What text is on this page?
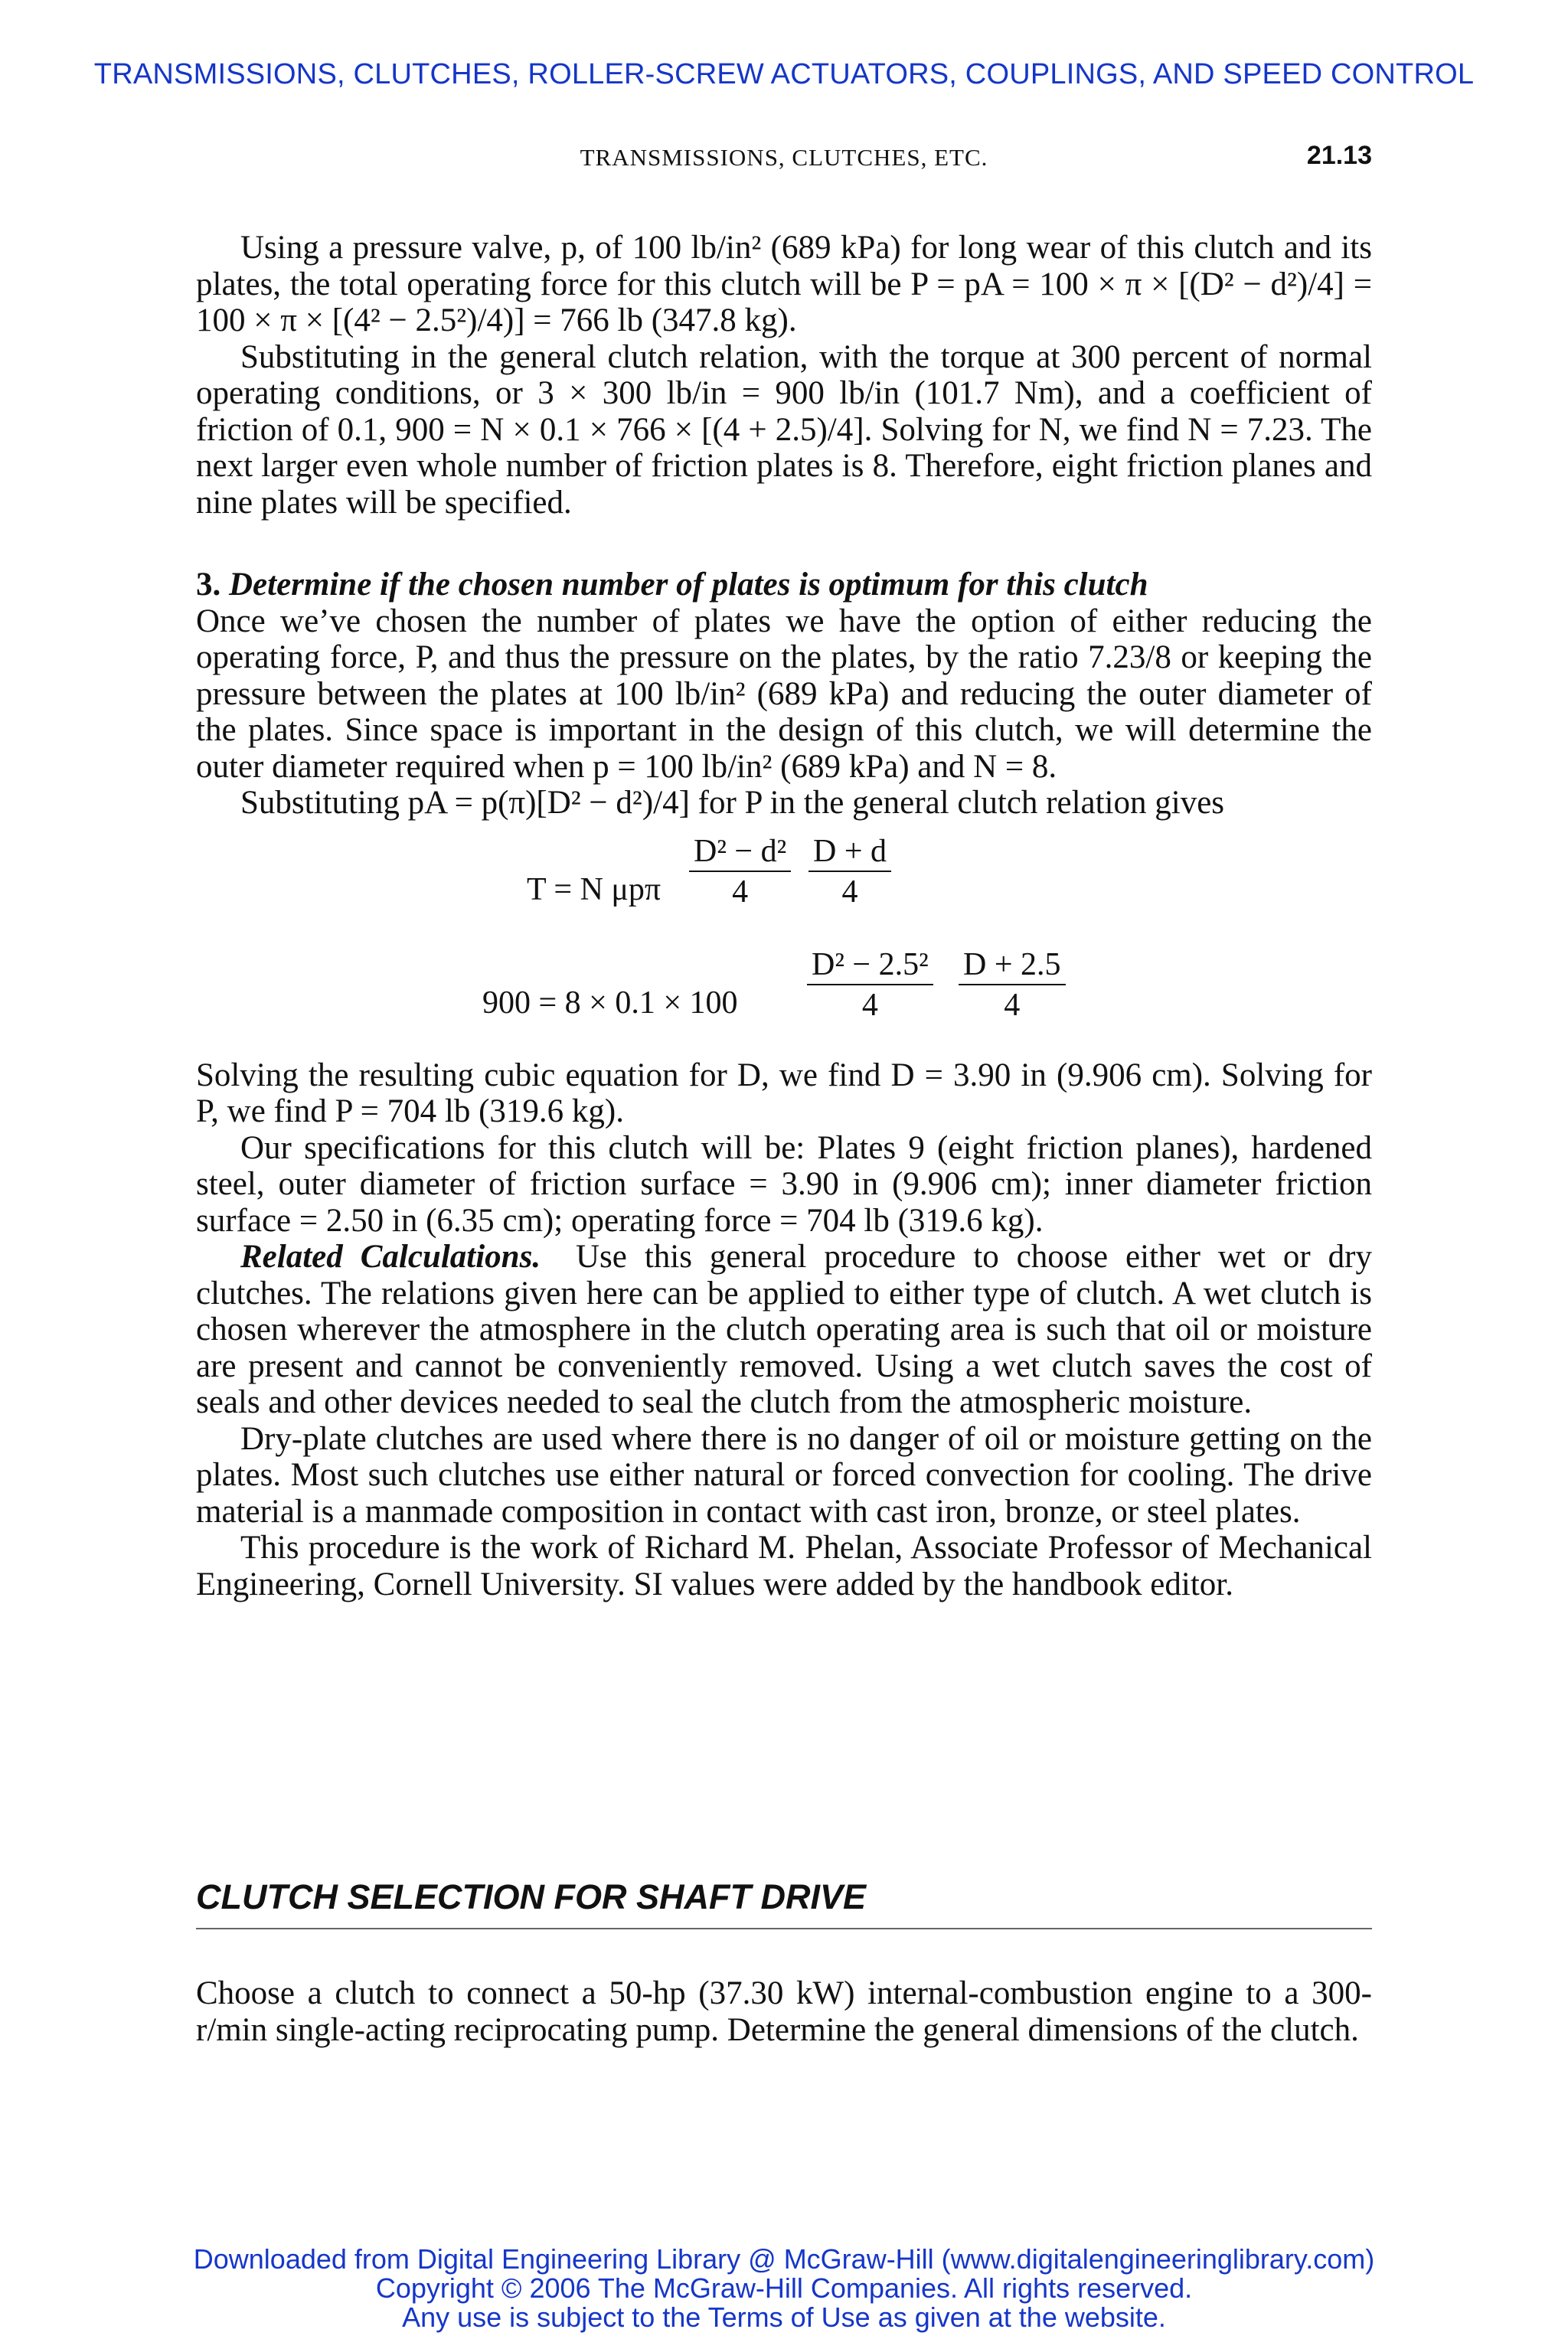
TRANSMISSIONS, CLUTCHES, ROLLER-SCREW ACTUATORS, COUPLINGS, AND SPEED CONTROL
TRANSMISSIONS, CLUTCHES, ETC.	21.13

Using a pressure valve, p, of 100 lb/in² (689 kPa) for long wear of this clutch and its plates, the total operating force for this clutch will be P = pA = 100 × π × [(D² − d²)/4] = 100 × π × [(4² − 2.5²)/4)] = 766 lb (347.8 kg).

Substituting in the general clutch relation, with the torque at 300 percent of normal operating conditions, or 3 × 300 lb/in = 900 lb/in (101.7 Nm), and a coefficient of friction of 0.1, 900 = N × 0.1 × 766 × [(4 + 2.5)/4]. Solving for N, we find N = 7.23. The next larger even whole number of friction plates is 8. Therefore, eight friction planes and nine plates will be specified.

3. Determine if the chosen number of plates is optimum for this clutch

Once we’ve chosen the number of plates we have the option of either reducing the operating force, P, and thus the pressure on the plates, by the ratio 7.23/8 or keeping the pressure between the plates at 100 lb/in² (689 kPa) and reducing the outer diameter of the plates. Since space is important in the design of this clutch, we will determine the outer diameter required when p = 100 lb/in² (689 kPa) and N = 8.

Substituting pA = p(π)[D² − d²)/4] for P in the general clutch relation gives

T = N μpπ $\frac{\text{D² − d²}}{4} \frac{D + d}{4}$
$900 = 8 \times 0.1 \times 100 \frac{\text{D² − 2.5²}}{4} \frac{D + 2.5}{4}$

Solving the resulting cubic equation for D, we find D = 3.90 in (9.906 cm). Solving for P, we find P = 704 lb (319.6 kg).

Our specifications for this clutch will be: Plates 9 (eight friction planes), hardened steel, outer diameter of friction surface = 3.90 in (9.906 cm); inner diameter friction surface = 2.50 in (6.35 cm); operating force = 704 lb (319.6 kg).

Related Calculations. Use this general procedure to choose either wet or dry clutches. The relations given here can be applied to either type of clutch. A wet clutch is chosen wherever the atmosphere in the clutch operating area is such that oil or moisture are present and cannot be conveniently removed. Using a wet clutch saves the cost of seals and other devices needed to seal the clutch from the atmospheric moisture.

Dry-plate clutches are used where there is no danger of oil or moisture getting on the plates. Most such clutches use either natural or forced convection for cooling. The drive material is a manmade composition in contact with cast iron, bronze, or steel plates.

This procedure is the work of Richard M. Phelan, Associate Professor of Mechanical Engineering, Cornell University. SI values were added by the handbook editor.

CLUTCH SELECTION FOR SHAFT DRIVE
Choose a clutch to connect a 50-hp (37.30 kW) internal-combustion engine to a 300-r/min single-acting reciprocating pump. Determine the general dimensions of the clutch.
Downloaded from Digital Engineering Library @ McGraw-Hill (www.digitalengineeringlibrary.com)
Copyright © 2006 The McGraw-Hill Companies. All rights reserved.
Any use is subject to the Terms of Use as given at the website.
